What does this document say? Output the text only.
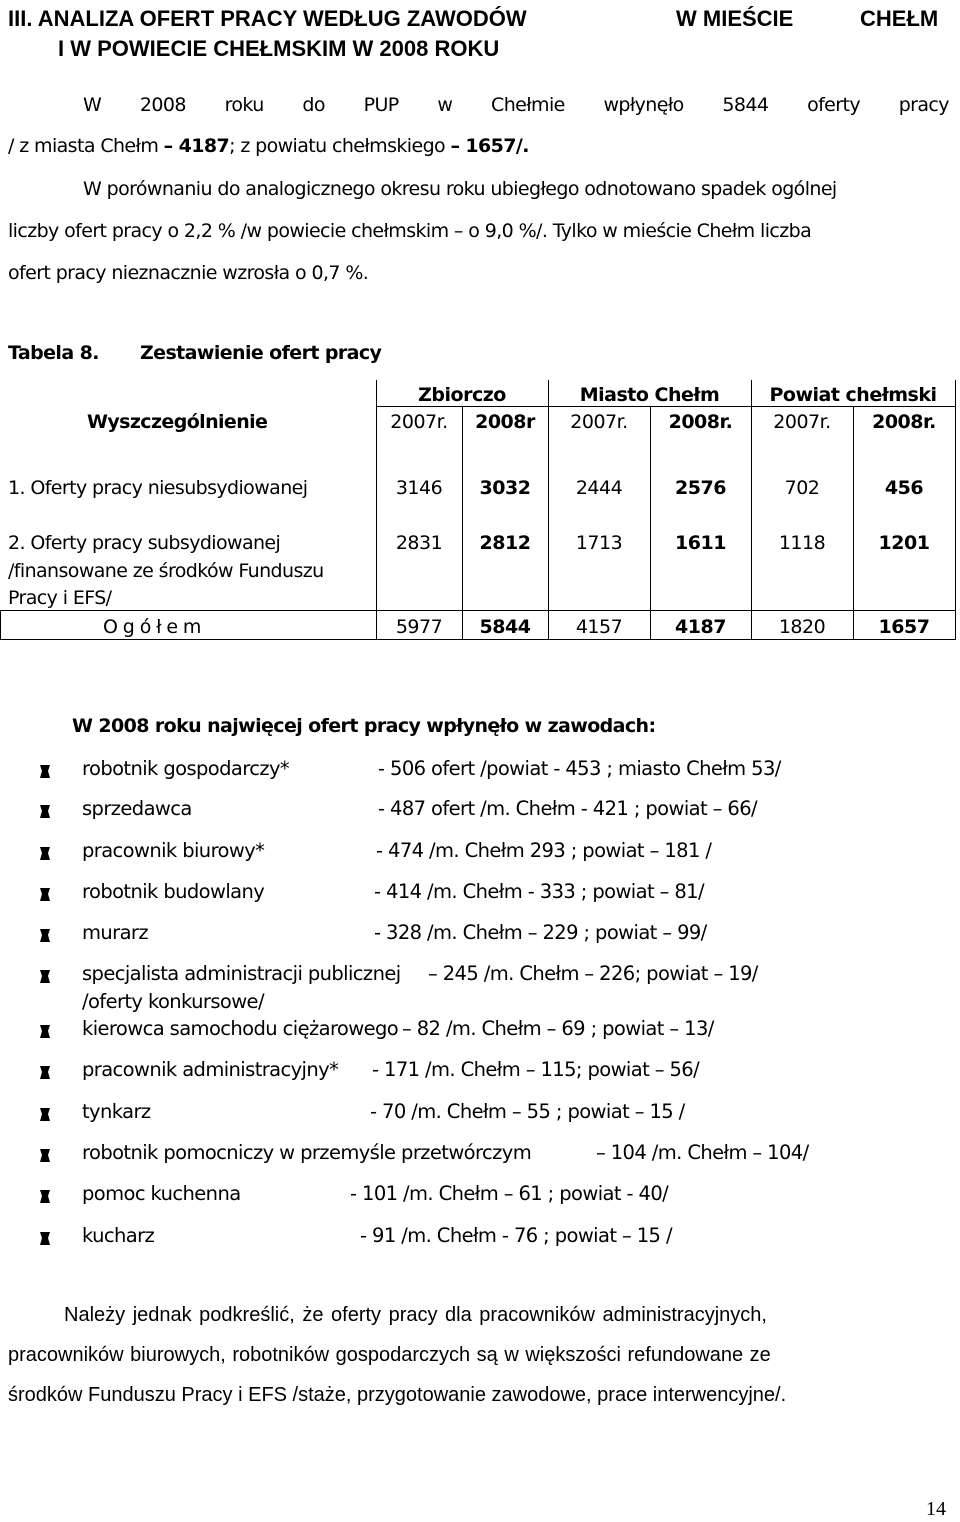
III. ANALIZA OFERT PRACY WEDŁUG ZAWODÓW	W MIEŚCIE	CHEŁM
I W POWIECIE CHEŁMSKIM W 2008 ROKU
W 2008 roku do PUP w Chełmie wpłynęło 5844 oferty pracy
/ z miasta Chełm – 4187; z powiatu chełmskiego – 1657/.
W porównaniu do analogicznego okresu roku ubiegłego odnotowano spadek ogólnej
liczby ofert pracy o 2,2 % /w powiecie chełmskim – o 9,0 %/. Tylko w mieście Chełm liczba
ofert pracy nieznacznie wzrosła o 0,7 %.
Tabela 8. Zestawienie ofert pracy
Wyszczególnienie
Zbiorczo	Miasto Chełm	Powiat chełmski
2007r.	2008r	2007r.	2008r.	2007r.	2008r.
1. Oferty pracy niesubsydiowanej	3146	3032	2444	2576	702	456
2. Oferty pracy subsydiowanej
/finansowane ze środków Funduszu
Pracy i EFS/
2831	2812	1713	1611	1118	1201
O g ó ł e m	5977	5844	4157	4187	1820	1657
W 2008 roku najwięcej ofert pracy wpłynęło w zawodach:
robotnik gospodarczy*	- 506 ofert /powiat - 453 ; miasto Chełm 53/
sprzedawca	- 487 ofert /m. Chełm - 421 ; powiat – 66/
pracownik biurowy*	- 474 /m. Chełm 293 ; powiat – 181 /
robotnik budowlany	- 414 /m. Chełm - 333 ; powiat – 81/
murarz	- 328 /m. Chełm – 229 ; powiat – 99/
specjalista administracji publicznej – 245 /m. Chełm – 226; powiat – 19/
/oferty konkursowe/
kierowca samochodu ciężarowego – 82 /m. Chełm – 69 ; powiat – 13/
pracownik administracyjny* - 171 /m. Chełm – 115; powiat – 56/
tynkarz	- 70 /m. Chełm – 55 ; powiat – 15 /
robotnik pomocniczy w przemyśle przetwórczym	– 104 /m. Chełm – 104/
pomoc kuchenna	- 101 /m. Chełm – 61 ; powiat - 40/
kucharz	- 91 /m. Chełm - 76 ; powiat – 15 /
Należy jednak podkreślić, że oferty pracy dla pracowników administracyjnych,
pracowników biurowych, robotników gospodarczych są w większości refundowane ze
środków Funduszu Pracy i EFS /staże, przygotowanie zawodowe, prace interwencyjne/.
14
